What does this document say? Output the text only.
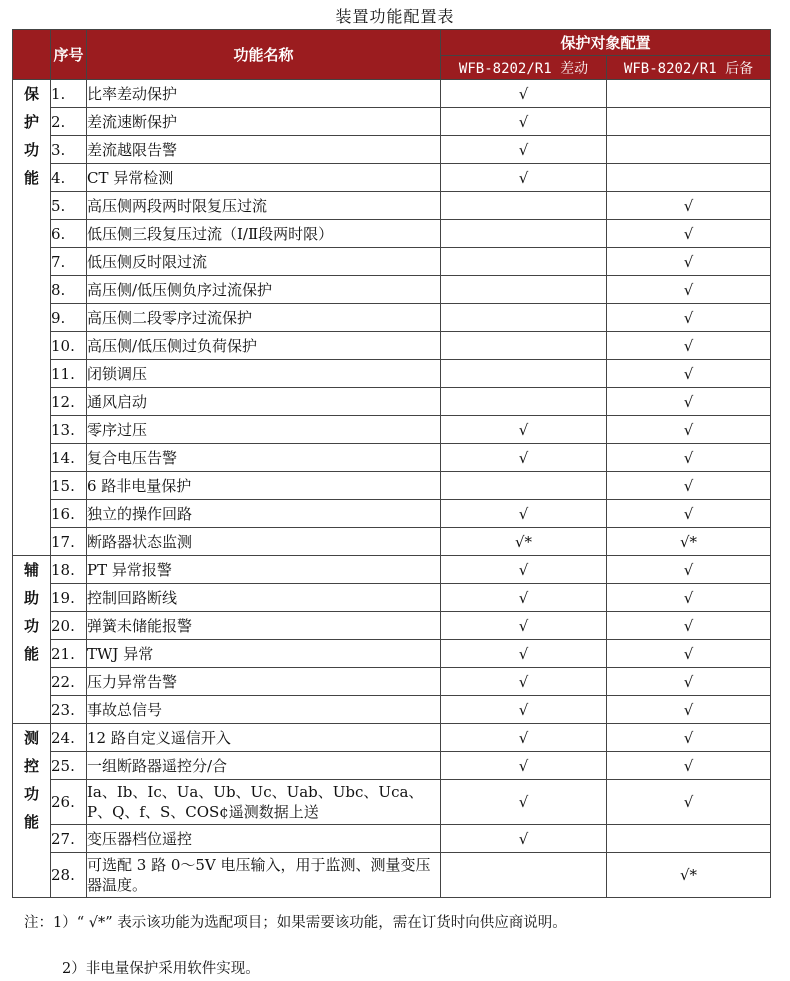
装置功能配置表
	序号	功能名称	保护对象配置	
			WFB-8202/R1 差动	WFB-8202/R1 后备

保
护
功
能	1.	比率差动保护	√	
	2.	差流速断保护	√	
	3.	差流越限告警	√	
	4.	CT 异常检测	√	
	5.	高压侧两段两时限复压过流		√
	6.	低压侧三段复压过流（Ⅰ/Ⅱ段两时限）		√
	7.	低压侧反时限过流		√
	8.	高压侧/低压侧负序过流保护		√
	9.	高压侧二段零序过流保护		√
	10.	高压侧/低压侧过负荷保护		√
	11.	闭锁调压		√
	12.	通风启动		√
	13.	零序过压	√	√
	14.	复合电压告警	√	√
	15.	6 路非电量保护		√
	16.	独立的操作回路	√	√
	17.	断路器状态监测	√*	√*

辅
助
功
能	18.	PT 异常报警	√	√
	19.	控制回路断线	√	√
	20.	弹簧未储能报警	√	√
	21.	TWJ 异常	√	√
	22.	压力异常告警	√	√
	23.	事故总信号	√	√

测
控
功
能	24.	12 路自定义遥信开入	√	√
	25.	一组断路器遥控分/合	√	√
	26.	Ia、Ib、Ic、Ua、Ub、Uc、Uab、Ubc、Uca、P、Q、f、S、COS¢遥测数据上送	√	√
	27.	变压器档位遥控	√	
	28.	可选配 3 路 0～5V 电压输入，用于监测、测量变压器温度。		√*
注：1）“ √*” 表示该功能为选配项目；如果需要该功能，需在订货时向供应商说明。
2）非电量保护采用软件实现。
